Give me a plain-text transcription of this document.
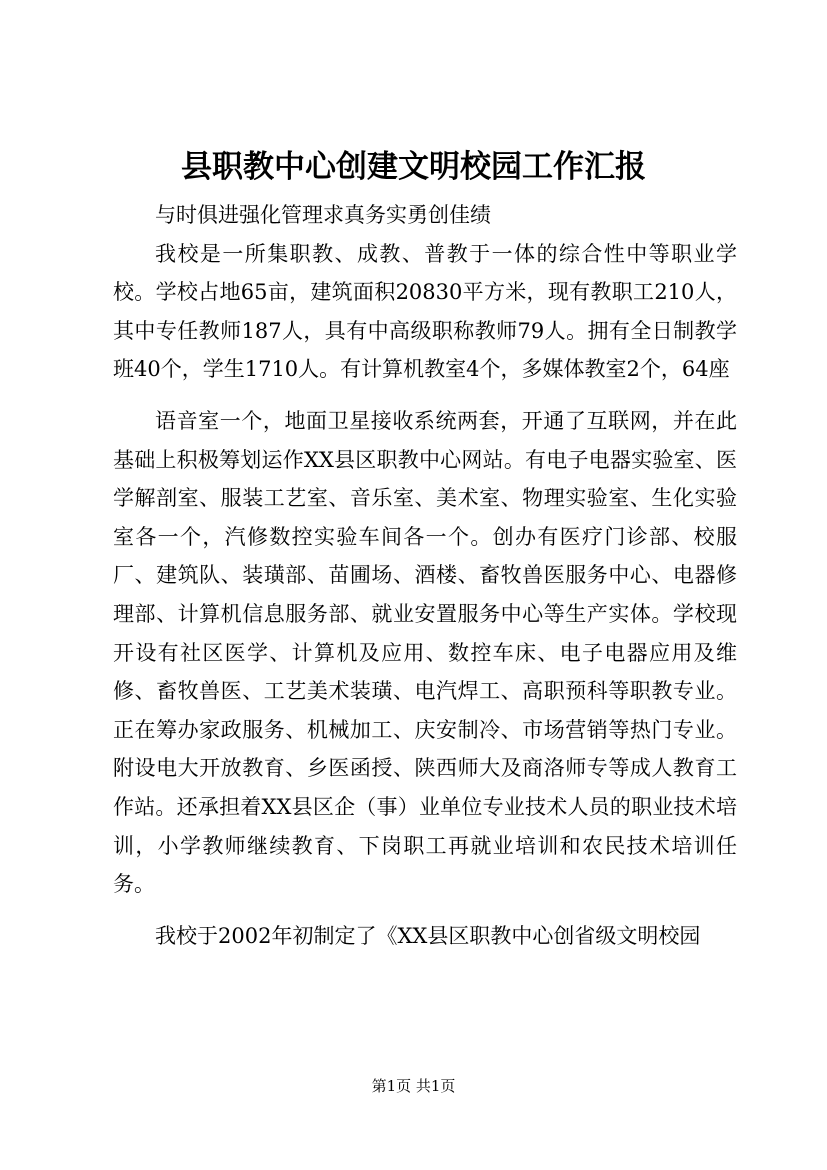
县职教中心创建文明校园工作汇报

与时俱进强化管理求真务实勇创佳绩

我校是一所集职教、成教、普教于一体的综合性中等职业学校。学校占地65亩，建筑面积20830平方米，现有教职工210人，其中专任教师187人，具有中高级职称教师79人。拥有全日制教学班40个，学生1710人。有计算机教室4个，多媒体教室2个，64座

语音室一个，地面卫星接收系统两套，开通了互联网，并在此基础上积极筹划运作XX县区职教中心网站。有电子电器实验室、医学解剖室、服装工艺室、音乐室、美术室、物理实验室、生化实验室各一个，汽修数控实验车间各一个。创办有医疗门诊部、校服厂、建筑队、装璜部、苗圃场、酒楼、畜牧兽医服务中心、电器修理部、计算机信息服务部、就业安置服务中心等生产实体。学校现开设有社区医学、计算机及应用、数控车床、电子电器应用及维修、畜牧兽医、工艺美术装璜、电汽焊工、高职预科等职教专业。正在筹办家政服务、机械加工、庆安制冷、市场营销等热门专业。附设电大开放教育、乡医函授、陕西师大及商洛师专等成人教育工作站。还承担着XX县区企（事）业单位专业技术人员的职业技术培训，小学教师继续教育、下岗职工再就业培训和农民技术培训任务。

我校于2002年初制定了《XX县区职教中心创省级文明校园

第1页 共1页
